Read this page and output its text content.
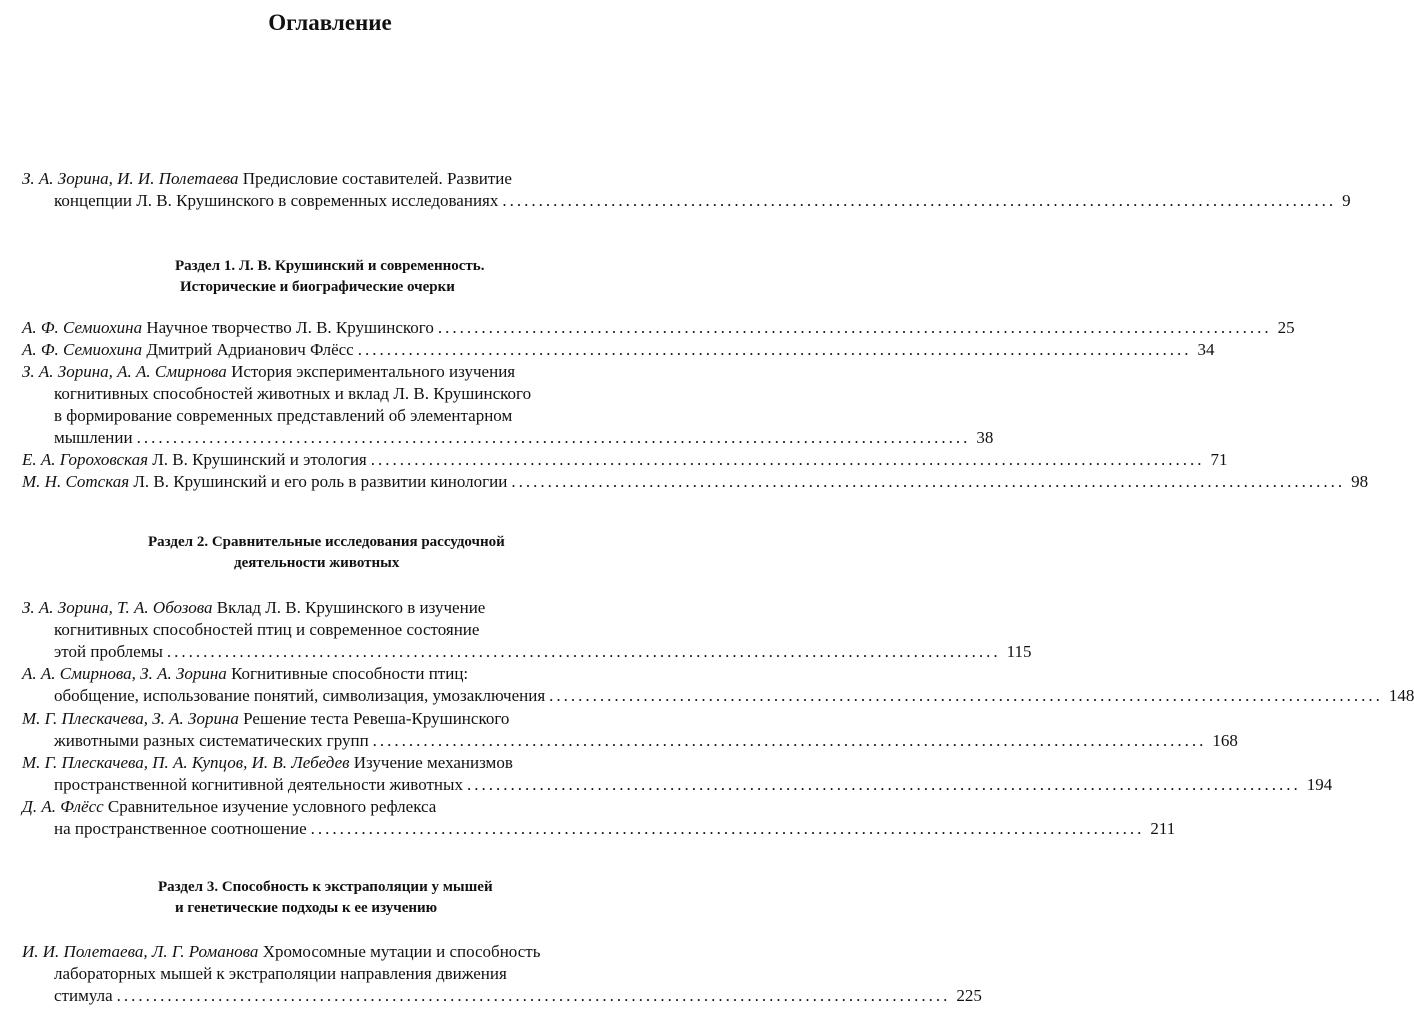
Оглавление
З. А. Зорина, И. И. Полетаева Предисловие составителей. Развитие
концепции Л. В. Крушинского в современных исследованиях ................................................................................................................... 9
Раздел 1. Л. В. Крушинский и современность.
Исторические и биографические очерки
А. Ф. Семиохина Научное творчество Л. В. Крушинского ................................................................................................................... 25
А. Ф. Семиохина Дмитрий Адрианович Флёсс ................................................................................................................... 34
З. А. Зорина, А. А. Смирнова История экспериментального изучения
когнитивных способностей животных и вклад Л. В. Крушинского
в формирование современных представлений об элементарном
мышлении ................................................................................................................... 38
Е. А. Гороховская Л. В. Крушинский и этология ................................................................................................................... 71
М. Н. Сотская Л. В. Крушинский и его роль в развитии кинологии ................................................................................................................... 98
Раздел 2. Сравнительные исследования рассудочной
деятельности животных
З. А. Зорина, Т. А. Обозова Вклад Л. В. Крушинского в изучение
когнитивных способностей птиц и современное состояние
этой проблемы ................................................................................................................... 115
А. А. Смирнова, З. А. Зорина Когнитивные способности птиц:
обобщение, использование понятий, символизация, умозаключения ................................................................................................................... 148
М. Г. Плескачева, З. А. Зорина Решение теста Ревеша-Крушинского
животными разных систематических групп ................................................................................................................... 168
М. Г. Плескачева, П. А. Купцов, И. В. Лебедев Изучение механизмов
пространственной когнитивной деятельности животных ................................................................................................................... 194
Д. А. Флёсс Сравнительное изучение условного рефлекса
на пространственное соотношение ................................................................................................................... 211
Раздел 3. Способность к экстраполяции у мышей
и генетические подходы к ее изучению
И. И. Полетаева, Л. Г. Романова Хромосомные мутации и способность
лабораторных мышей к экстраполяции направления движения
стимула ................................................................................................................... 225
